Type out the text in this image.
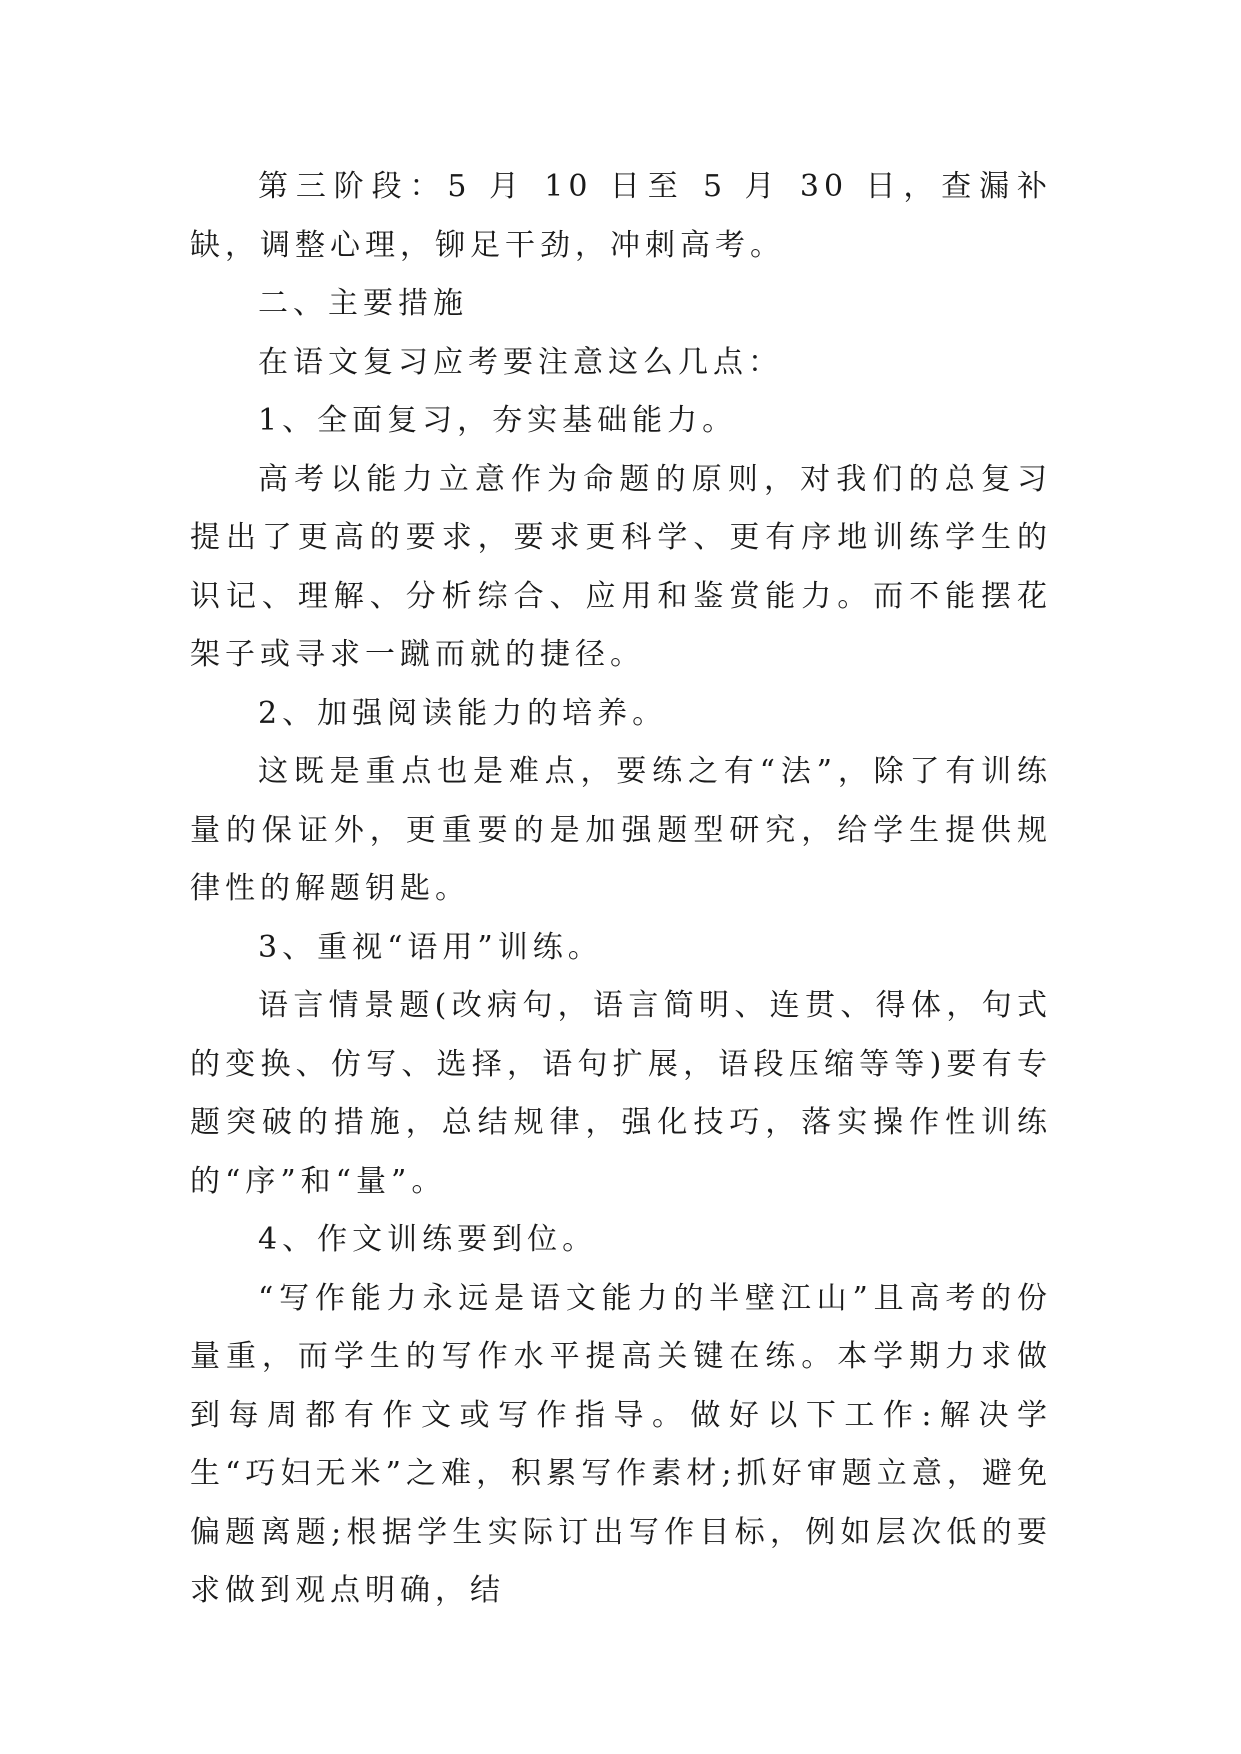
第三阶段：5 月 10 日至 5 月 30 日，查漏补缺，调整心理，铆足干劲，冲刺高考。

二、主要措施

在语文复习应考要注意这么几点：

1、全面复习，夯实基础能力。

高考以能力立意作为命题的原则，对我们的总复习提出了更高的要求，要求更科学、更有序地训练学生的识记、理解、分析综合、应用和鉴赏能力。而不能摆花架子或寻求一蹴而就的捷径。

2、加强阅读能力的培养。

这既是重点也是难点，要练之有“法”，除了有训练量的保证外，更重要的是加强题型研究，给学生提供规律性的解题钥匙。

3、重视“语用”训练。

语言情景题(改病句，语言简明、连贯、得体，句式的变换、仿写、选择，语句扩展，语段压缩等等)要有专题突破的措施，总结规律，强化技巧，落实操作性训练的“序”和“量”。

4、作文训练要到位。

“写作能力永远是语文能力的半壁江山”且高考的份量重，而学生的写作水平提高关键在练。本学期力求做到每周都有作文或写作指导。做好以下工作:解决学生“巧妇无米”之难，积累写作素材;抓好审题立意，避免偏题离题;根据学生实际订出写作目标，例如层次低的要求做到观点明确，结
